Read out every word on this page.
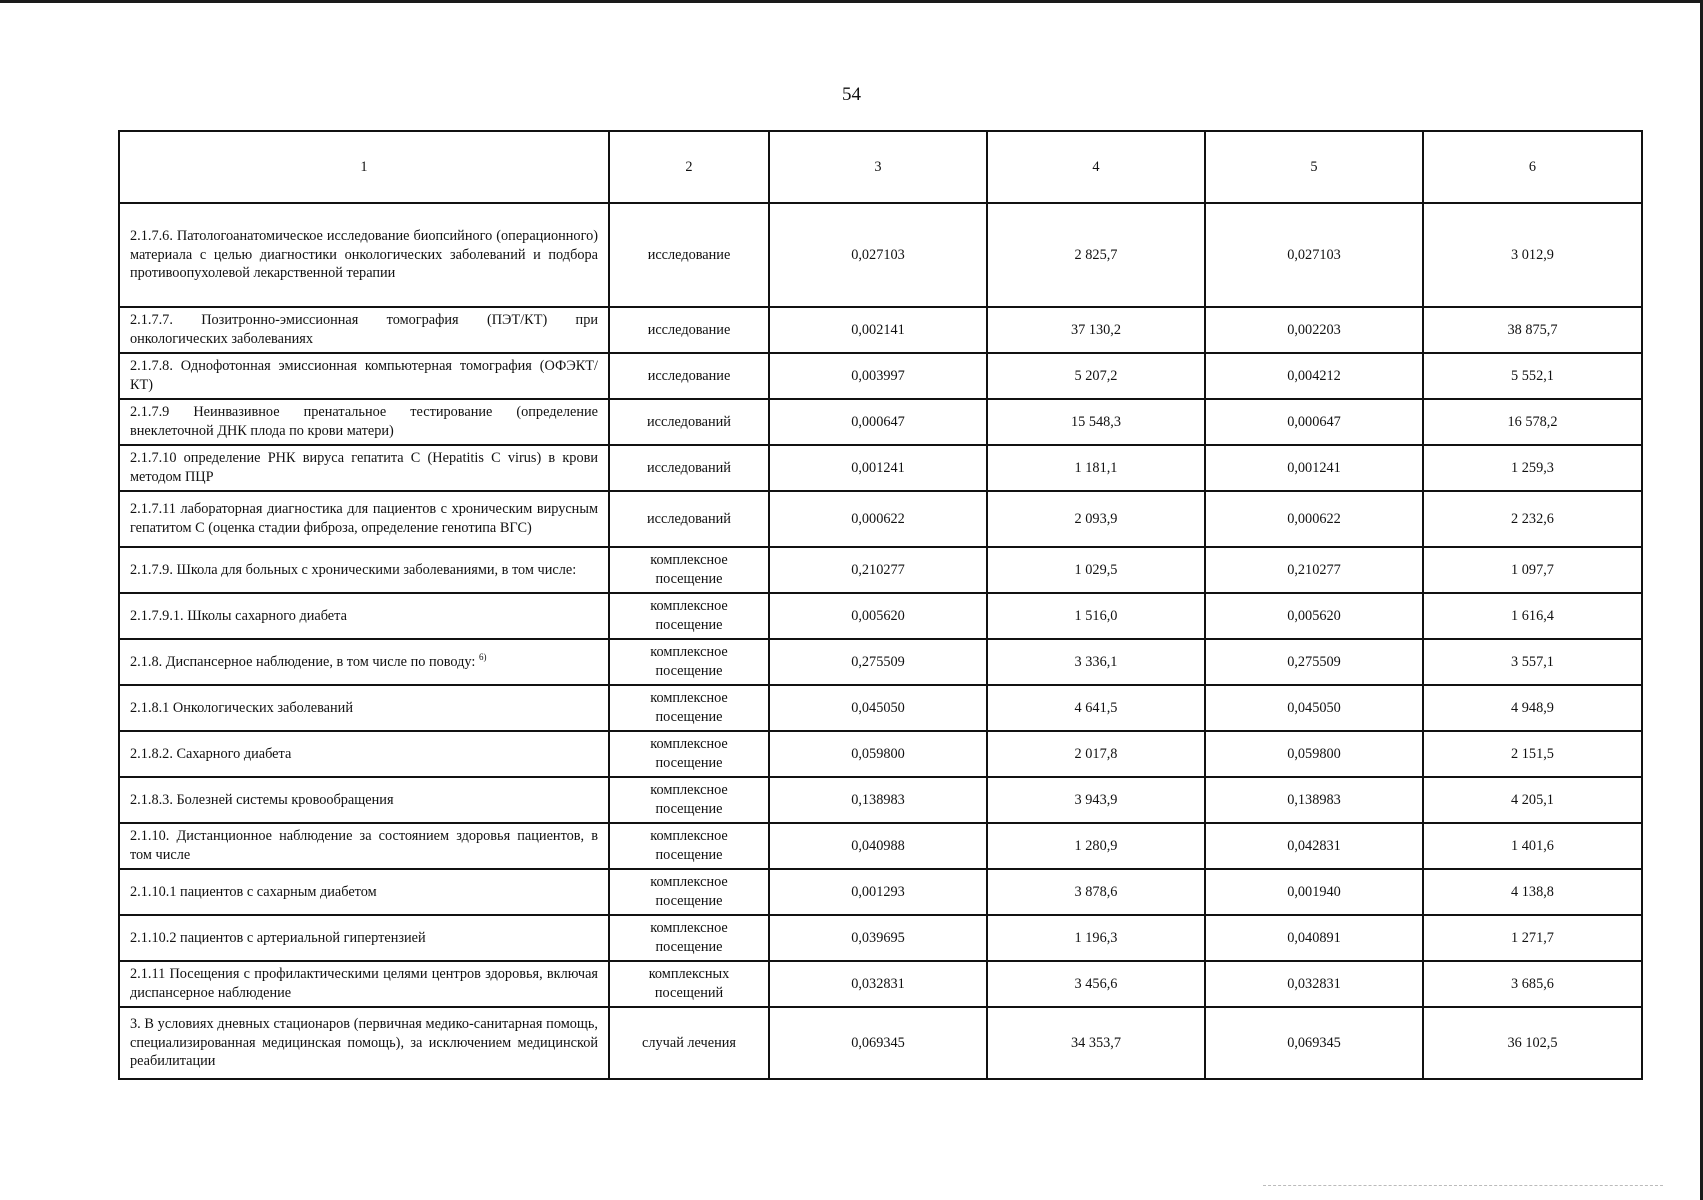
54
1	2	3	4	5	6
2.1.7.6. Патологоанатомическое исследование биопсийного (операционного) материала с целью диагностики онкологических заболеваний и подбора противоопухолевой лекарственной терапии	исследование	0,027103	2 825,7	0,027103	3 012,9
2.1.7.7. Позитронно-эмиссионная томография (ПЭТ/КТ) при онкологических заболеваниях	исследование	0,002141	37 130,2	0,002203	38 875,7
2.1.7.8. Однофотонная эмиссионная компьютерная томография (ОФЭКТ/КТ)	исследование	0,003997	5 207,2	0,004212	5 552,1
2.1.7.9 Неинвазивное пренатальное тестирование (определение внеклеточной ДНК плода по крови матери)	исследований	0,000647	15 548,3	0,000647	16 578,2
2.1.7.10 определение РНК вируса гепатита С (Hepatitis C virus) в крови методом ПЦР	исследований	0,001241	1 181,1	0,001241	1 259,3
2.1.7.11 лабораторная диагностика для пациентов с хроническим вирусным гепатитом С (оценка стадии фиброза, определение генотипа ВГС)	исследований	0,000622	2 093,9	0,000622	2 232,6
2.1.7.9. Школа для больных с хроническими заболеваниями, в том числе:	комплексное посещение	0,210277	1 029,5	0,210277	1 097,7
2.1.7.9.1. Школы сахарного диабета	комплексное посещение	0,005620	1 516,0	0,005620	1 616,4
2.1.8. Диспансерное наблюдение, в том числе по поводу: $^{6)}$	комплексное посещение	0,275509	3 336,1	0,275509	3 557,1
2.1.8.1 Онкологических заболеваний	комплексное посещение	0,045050	4 641,5	0,045050	4 948,9
2.1.8.2. Сахарного диабета	комплексное посещение	0,059800	2 017,8	0,059800	2 151,5
2.1.8.3. Болезней системы кровообращения	комплексное посещение	0,138983	3 943,9	0,138983	4 205,1
2.1.10. Дистанционное наблюдение за состоянием здоровья пациентов, в том числе	комплексное посещение	0,040988	1 280,9	0,042831	1 401,6
2.1.10.1 пациентов с сахарным диабетом	комплексное посещение	0,001293	3 878,6	0,001940	4 138,8
2.1.10.2 пациентов с артериальной гипертензией	комплексное посещение	0,039695	1 196,3	0,040891	1 271,7
2.1.11 Посещения с профилактическими целями центров здоровья, включая диспансерное наблюдение	комплексных посещений	0,032831	3 456,6	0,032831	3 685,6
3. В условиях дневных стационаров (первичная медико-санитарная помощь, специализированная медицинская помощь), за исключением медицинской реабилитации	случай лечения	0,069345	34 353,7	0,069345	36 102,5
